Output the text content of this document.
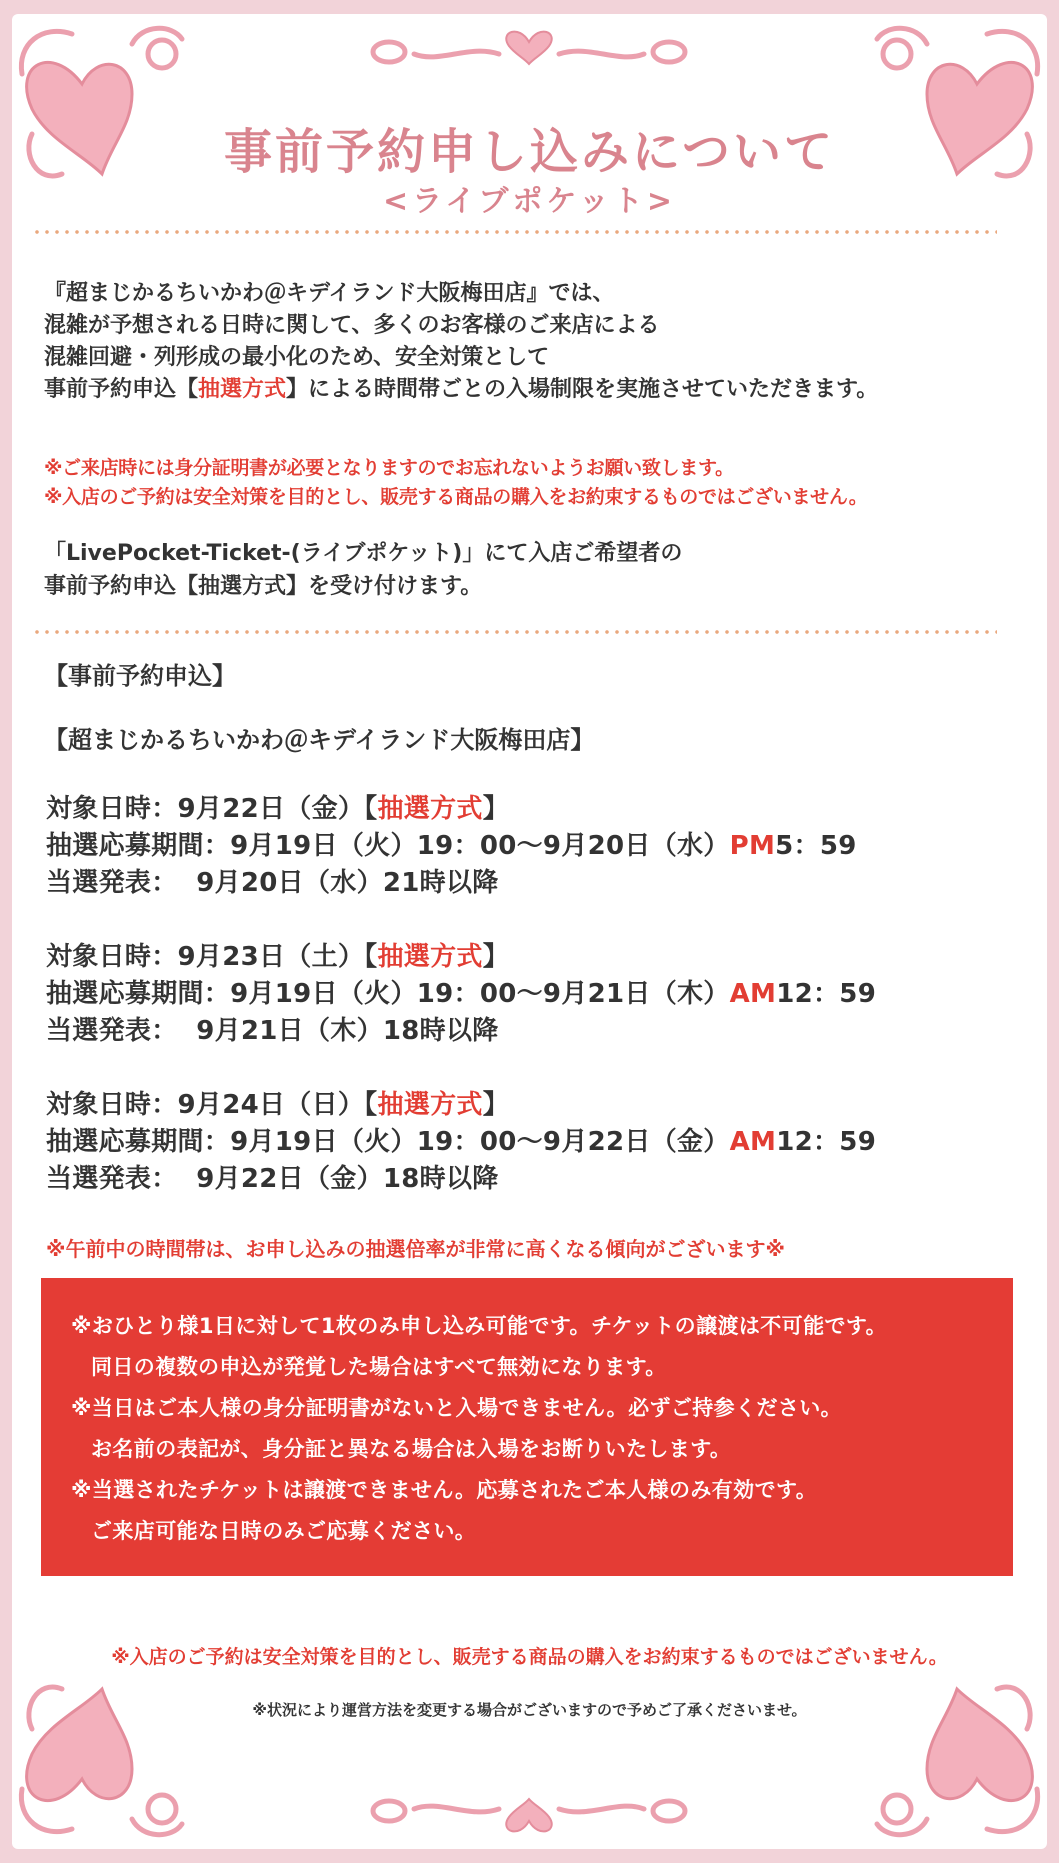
事前予約申し込みについて
<ライブポケット>

『超まじかるちいかわ＠キデイランド大阪梅田店』では、

混雑が予想される日時に関して、多くのお客様のご来店による

混雑回避・列形成の最小化のため、安全対策として

事前予約申込【抽選方式】による時間帯ごとの入場制限を実施させていただきます。

※ご来店時には身分証明書が必要となりますのでお忘れないようお願い致します。

※入店のご予約は安全対策を目的とし、販売する商品の購入をお約束するものではございません。

「LivePocket-Ticket-(ライブポケット)」にて入店ご希望者の

事前予約申込【抽選方式】を受け付けます。

【事前予約申込】

【超まじかるちいかわ＠キデイランド大阪梅田店】

対象日時：9月22日（金）【抽選方式】

抽選応募期間：9月19日（火）19：00～9月20日（水）PM5：59

当選発表：  9月20日（水）21時以降

対象日時：9月23日（土）【抽選方式】

抽選応募期間：9月19日（火）19：00～9月21日（木）AM12：59

当選発表：  9月21日（木）18時以降

対象日時：9月24日（日）【抽選方式】

抽選応募期間：9月19日（火）19：00～9月22日（金）AM12：59

当選発表：  9月22日（金）18時以降

※午前中の時間帯は、お申し込みの抽選倍率が非常に高くなる傾向がございます※

※おひとり様1日に対して1枚のみ申し込み可能です。チケットの譲渡は不可能です。

同日の複数の申込が発覚した場合はすべて無効になります。

※当日はご本人様の身分証明書がないと入場できません。必ずご持参ください。

お名前の表記が、身分証と異なる場合は入場をお断りいたします。

※当選されたチケットは譲渡できません。応募されたご本人様のみ有効です。

ご来店可能な日時のみご応募ください。

※入店のご予約は安全対策を目的とし、販売する商品の購入をお約束するものではございません。

※状況により運営方法を変更する場合がございますので予めご了承くださいませ。
